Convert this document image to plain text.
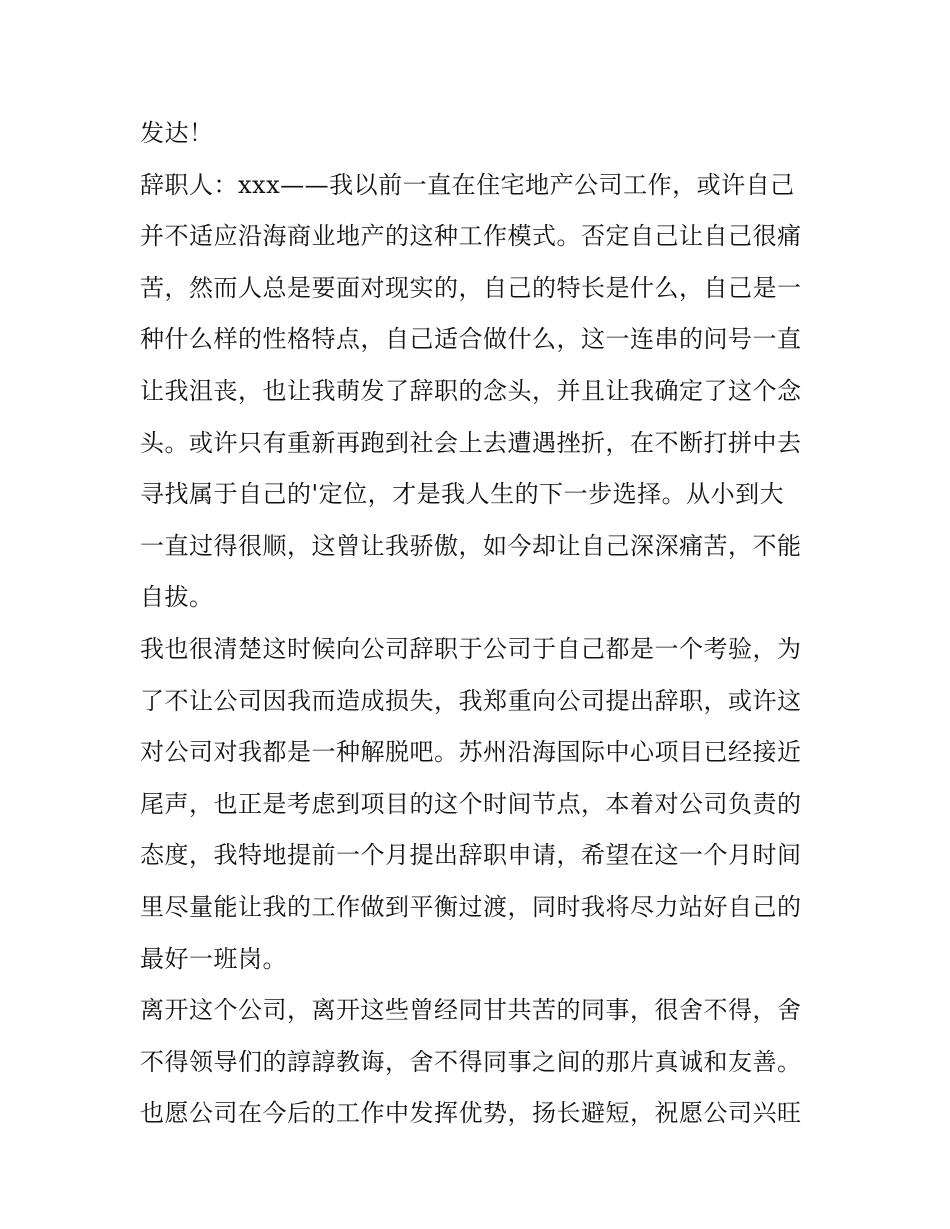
发达！
辞职人：xxx——我以前一直在住宅地产公司工作，或许自己
并不适应沿海商业地产的这种工作模式。否定自己让自己很痛
苦，然而人总是要面对现实的，自己的特长是什么，自己是一
种什么样的性格特点，自己适合做什么，这一连串的问号一直
让我沮丧，也让我萌发了辞职的念头，并且让我确定了这个念
头。或许只有重新再跑到社会上去遭遇挫折，在不断打拼中去
寻找属于自己的'定位，才是我人生的下一步选择。从小到大
一直过得很顺，这曾让我骄傲，如今却让自己深深痛苦，不能
自拔。
我也很清楚这时候向公司辞职于公司于自己都是一个考验，为
了不让公司因我而造成损失，我郑重向公司提出辞职，或许这
对公司对我都是一种解脱吧。苏州沿海国际中心项目已经接近
尾声，也正是考虑到项目的这个时间节点，本着对公司负责的
态度，我特地提前一个月提出辞职申请，希望在这一个月时间
里尽量能让我的工作做到平衡过渡，同时我将尽力站好自己的
最好一班岗。
离开这个公司，离开这些曾经同甘共苦的同事，很舍不得，舍
不得领导们的諄諄教诲，舍不得同事之间的那片真诚和友善。
也愿公司在今后的工作中发挥优势，扬长避短，祝愿公司兴旺
